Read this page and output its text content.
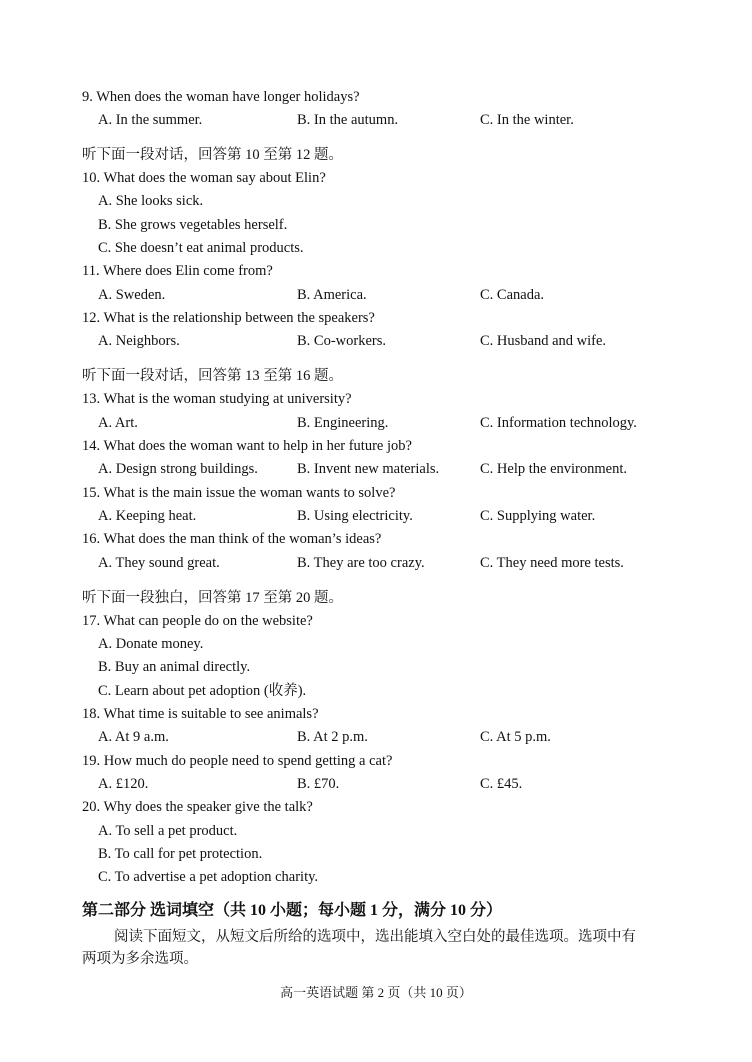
9. When does the woman have longer holidays?
A. In the summer.	B. In the autumn.	C. In the winter.
听下面一段对话，回答第 10 至第 12 题。
10. What does the woman say about Elin?
A. She looks sick.
B. She grows vegetables herself.
C. She doesn’t eat animal products.
11. Where does Elin come from?
A. Sweden.	B. America.	C. Canada.
12. What is the relationship between the speakers?
A. Neighbors.	B. Co-workers.	C. Husband and wife.
听下面一段对话，回答第 13 至第 16 题。
13. What is the woman studying at university?
A. Art.	B. Engineering.	C. Information technology.
14. What does the woman want to help in her future job?
A. Design strong buildings.	B. Invent new materials.	C. Help the environment.
15. What is the main issue the woman wants to solve?
A. Keeping heat.	B. Using electricity.	C. Supplying water.
16. What does the man think of the woman’s ideas?
A. They sound great.	B. They are too crazy.	C. They need more tests.
听下面一段独白，回答第 17 至第 20 题。
17. What can people do on the website?
A. Donate money.
B. Buy an animal directly.
C. Learn about pet adoption (收养).
18. What time is suitable to see animals?
A. At 9 a.m.	B. At 2 p.m.	C. At 5 p.m.
19. How much do people need to spend getting a cat?
A. £120.	B. £70.	C. £45.
20. Why does the speaker give the talk?
A. To sell a pet product.
B. To call for pet protection.
C. To advertise a pet adoption charity.
第二部分 选词填空（共 10 小题；每小题 1 分，满分 10 分）
阅读下面短文，从短文后所给的选项中，选出能填入空白处的最佳选项。选项中有
两项为多余选项。
高一英语试题 第 2 页（共 10 页）
